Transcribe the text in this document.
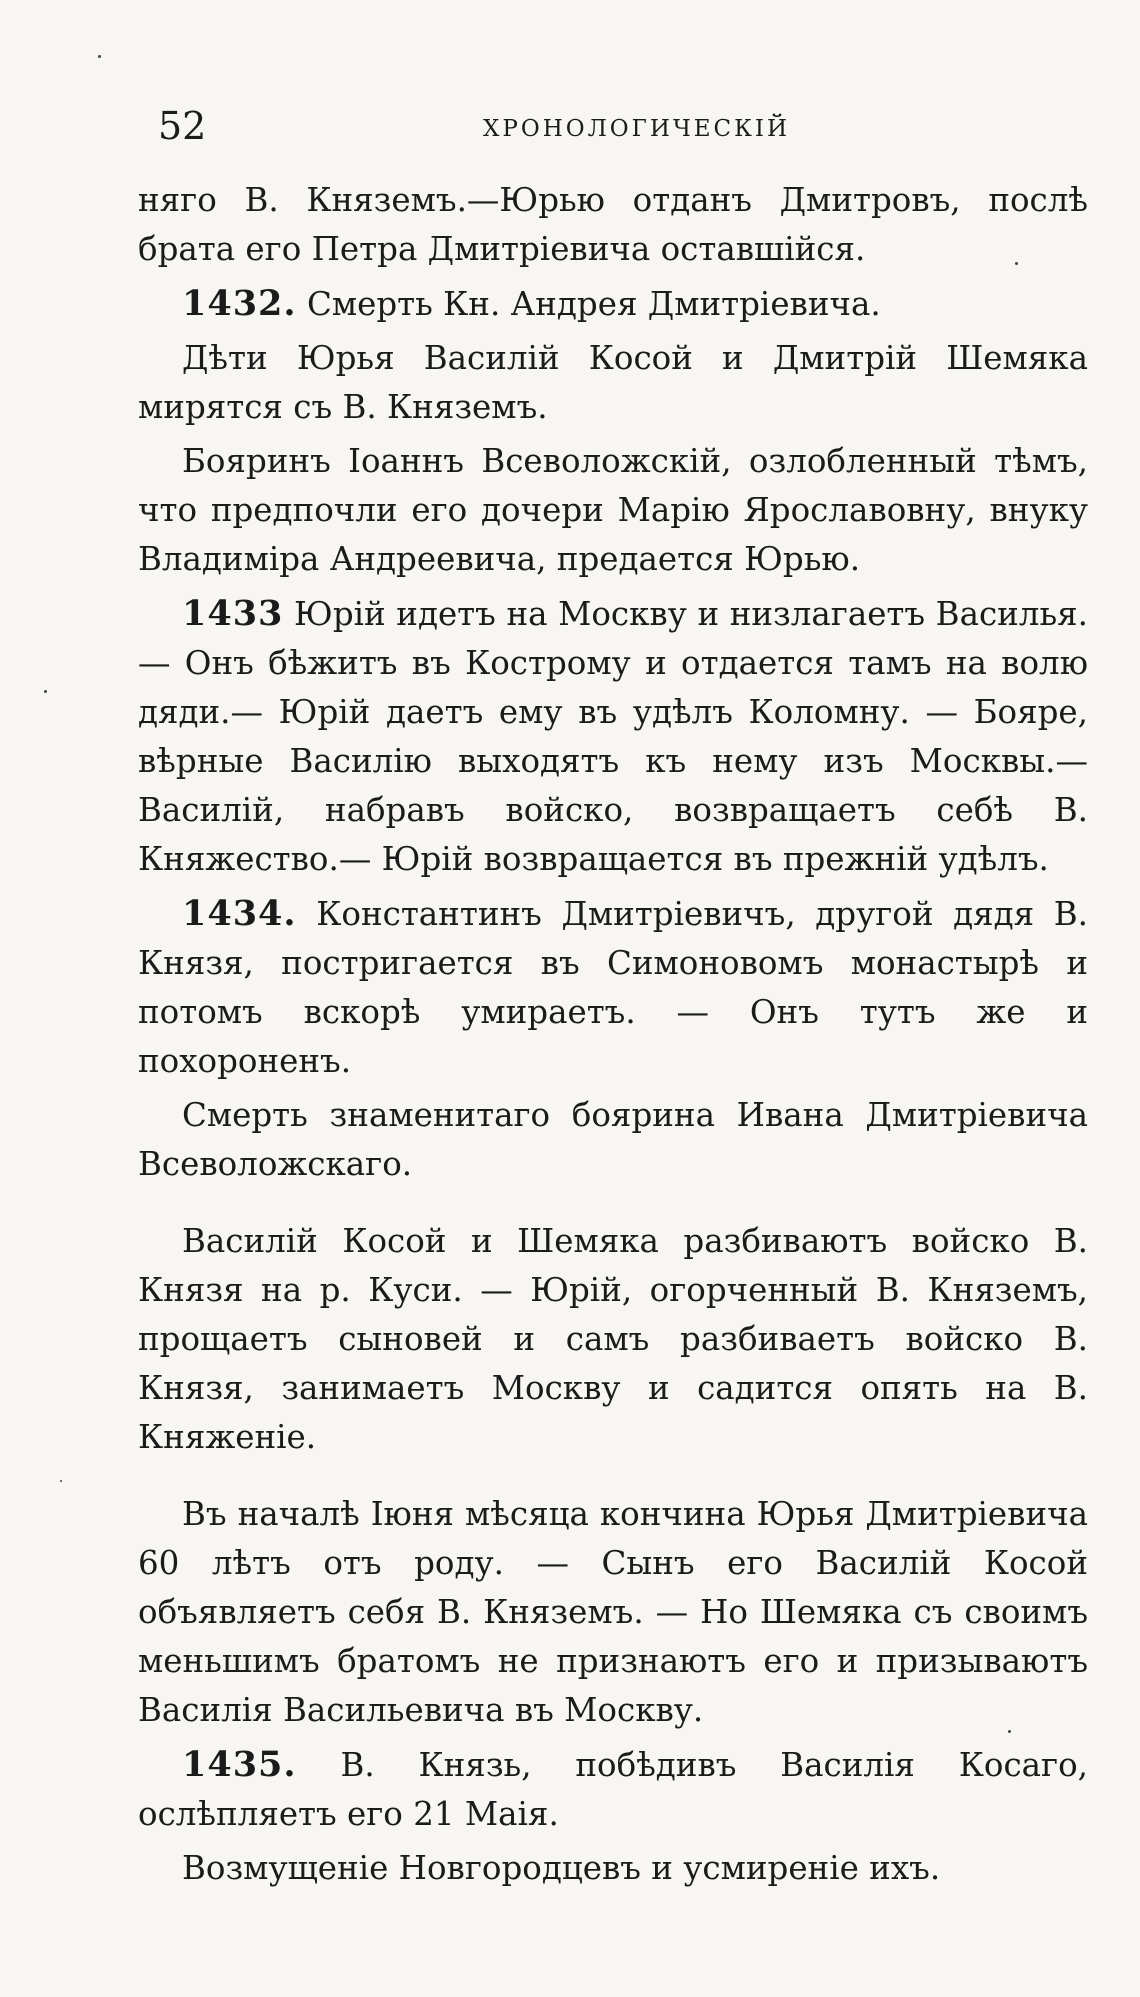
52	ХРОНОЛОГИЧЕСКІЙ

няго В. Княземъ.—Юрью отданъ Дмитровъ, послѣ брата его Петра Дмитріевича оставшійся.

1432. Смерть Кн. Андрея Дмитріевича.

Дѣти Юрья Василій Косой и Дмитрій Шемяка мирятся съ В. Княземъ.

Бояринъ Іоаннъ Всеволожскій, озлобленный тѣмъ, что предпочли его дочери Марію Ярославовну, внуку Владиміра Андреевича, предается Юрью.

1433 Юрій идетъ на Москву и низлагаетъ Василья.— Онъ бѣжитъ въ Кострому и отдается тамъ на волю дяди.— Юрій даетъ ему въ удѣлъ Коломну. — Бояре, вѣрные Василію выходятъ къ нему изъ Москвы.—Василій, набравъ войско, возвращаетъ себѣ В. Княжество.— Юрій возвращается въ прежній удѣлъ.

1434. Константинъ Дмитріевичъ, другой дядя В. Князя, постригается въ Симоновомъ монастырѣ и потомъ вскорѣ умираетъ. — Онъ тутъ же и похороненъ.

Смерть знаменитаго боярина Ивана Дмитріевича Всеволожскаго.

Василій Косой и Шемяка разбиваютъ войско В. Князя на р. Куси. — Юрій, огорченный В. Княземъ, прощаетъ сыновей и самъ разбиваетъ войско В. Князя, занимаетъ Москву и садится опять на В. Княженіе.

Въ началѣ Іюня мѣсяца кончина Юрья Дмитріевича 60 лѣтъ отъ роду. — Сынъ его Василій Косой объявляетъ себя В. Княземъ. — Но Шемяка съ своимъ меньшимъ братомъ не признаютъ его и призываютъ Василія Васильевича въ Москву.

1435. В. Князь, побѣдивъ Василія Косаго, ослѣпляетъ его 21 Маія.

Возмущеніе Новгородцевъ и усмиреніе ихъ.
